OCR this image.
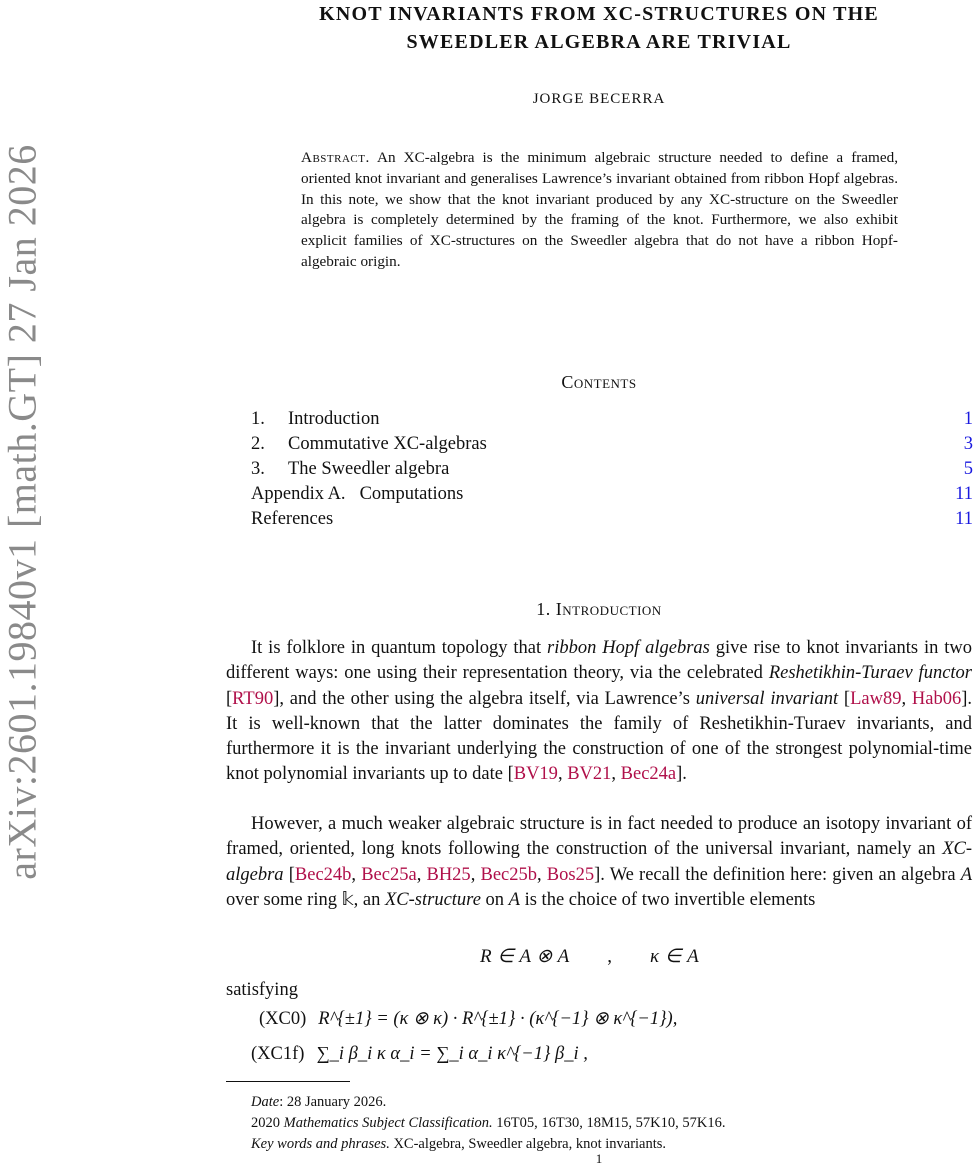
arXiv:2601.19840v1 [math.GT] 27 Jan 2026
KNOT INVARIANTS FROM XC-STRUCTURES ON THE
SWEEDLER ALGEBRA ARE TRIVIAL
JORGE BECERRA
Abstract. An XC-algebra is the minimum algebraic structure needed to define a framed, oriented knot invariant and generalises Lawrence’s invariant obtained from ribbon Hopf algebras. In this note, we show that the knot invariant produced by any XC-structure on the Sweedler algebra is completely determined by the framing of the knot. Furthermore, we also exhibit explicit families of XC-structures on the Sweedler algebra that do not have a ribbon Hopf-algebraic origin.
Contents
1. Introduction	1
2. Commutative XC-algebras	3
3. The Sweedler algebra	5
Appendix A. Computations	11
References	11
1. Introduction
It is folklore in quantum topology that ribbon Hopf algebras give rise to knot invariants in two different ways: one using their representation theory, via the celebrated Reshetikhin-Turaev functor [RT90], and the other using the algebra itself, via Lawrence’s universal invariant [Law89, Hab06]. It is well-known that the latter dominates the family of Reshetikhin-Turaev invariants, and furthermore it is the invariant underlying the construction of one of the strongest polynomial-time knot polynomial invariants up to date [BV19, BV21, Bec24a].
However, a much weaker algebraic structure is in fact needed to produce an isotopy invariant of framed, oriented, long knots following the construction of the universal invariant, namely an XC-algebra [Bec24b, Bec25a, BH25, Bec25b, Bos25]. We recall the definition here: given an algebra A over some ring 𝕜, an XC-structure on A is the choice of two invertible elements
R ∈ A ⊗ A , κ ∈ A
satisfying
(XC0) R^{±1} = (κ ⊗ κ) · R^{±1} · (κ^{−1} ⊗ κ^{−1}),
(XC1f) ∑_i β_i κ α_i = ∑_i α_i κ^{−1} β_i ,
Date: 28 January 2026.
2020 Mathematics Subject Classification. 16T05, 16T30, 18M15, 57K10, 57K16.
Key words and phrases. XC-algebra, Sweedler algebra, knot invariants.
1
